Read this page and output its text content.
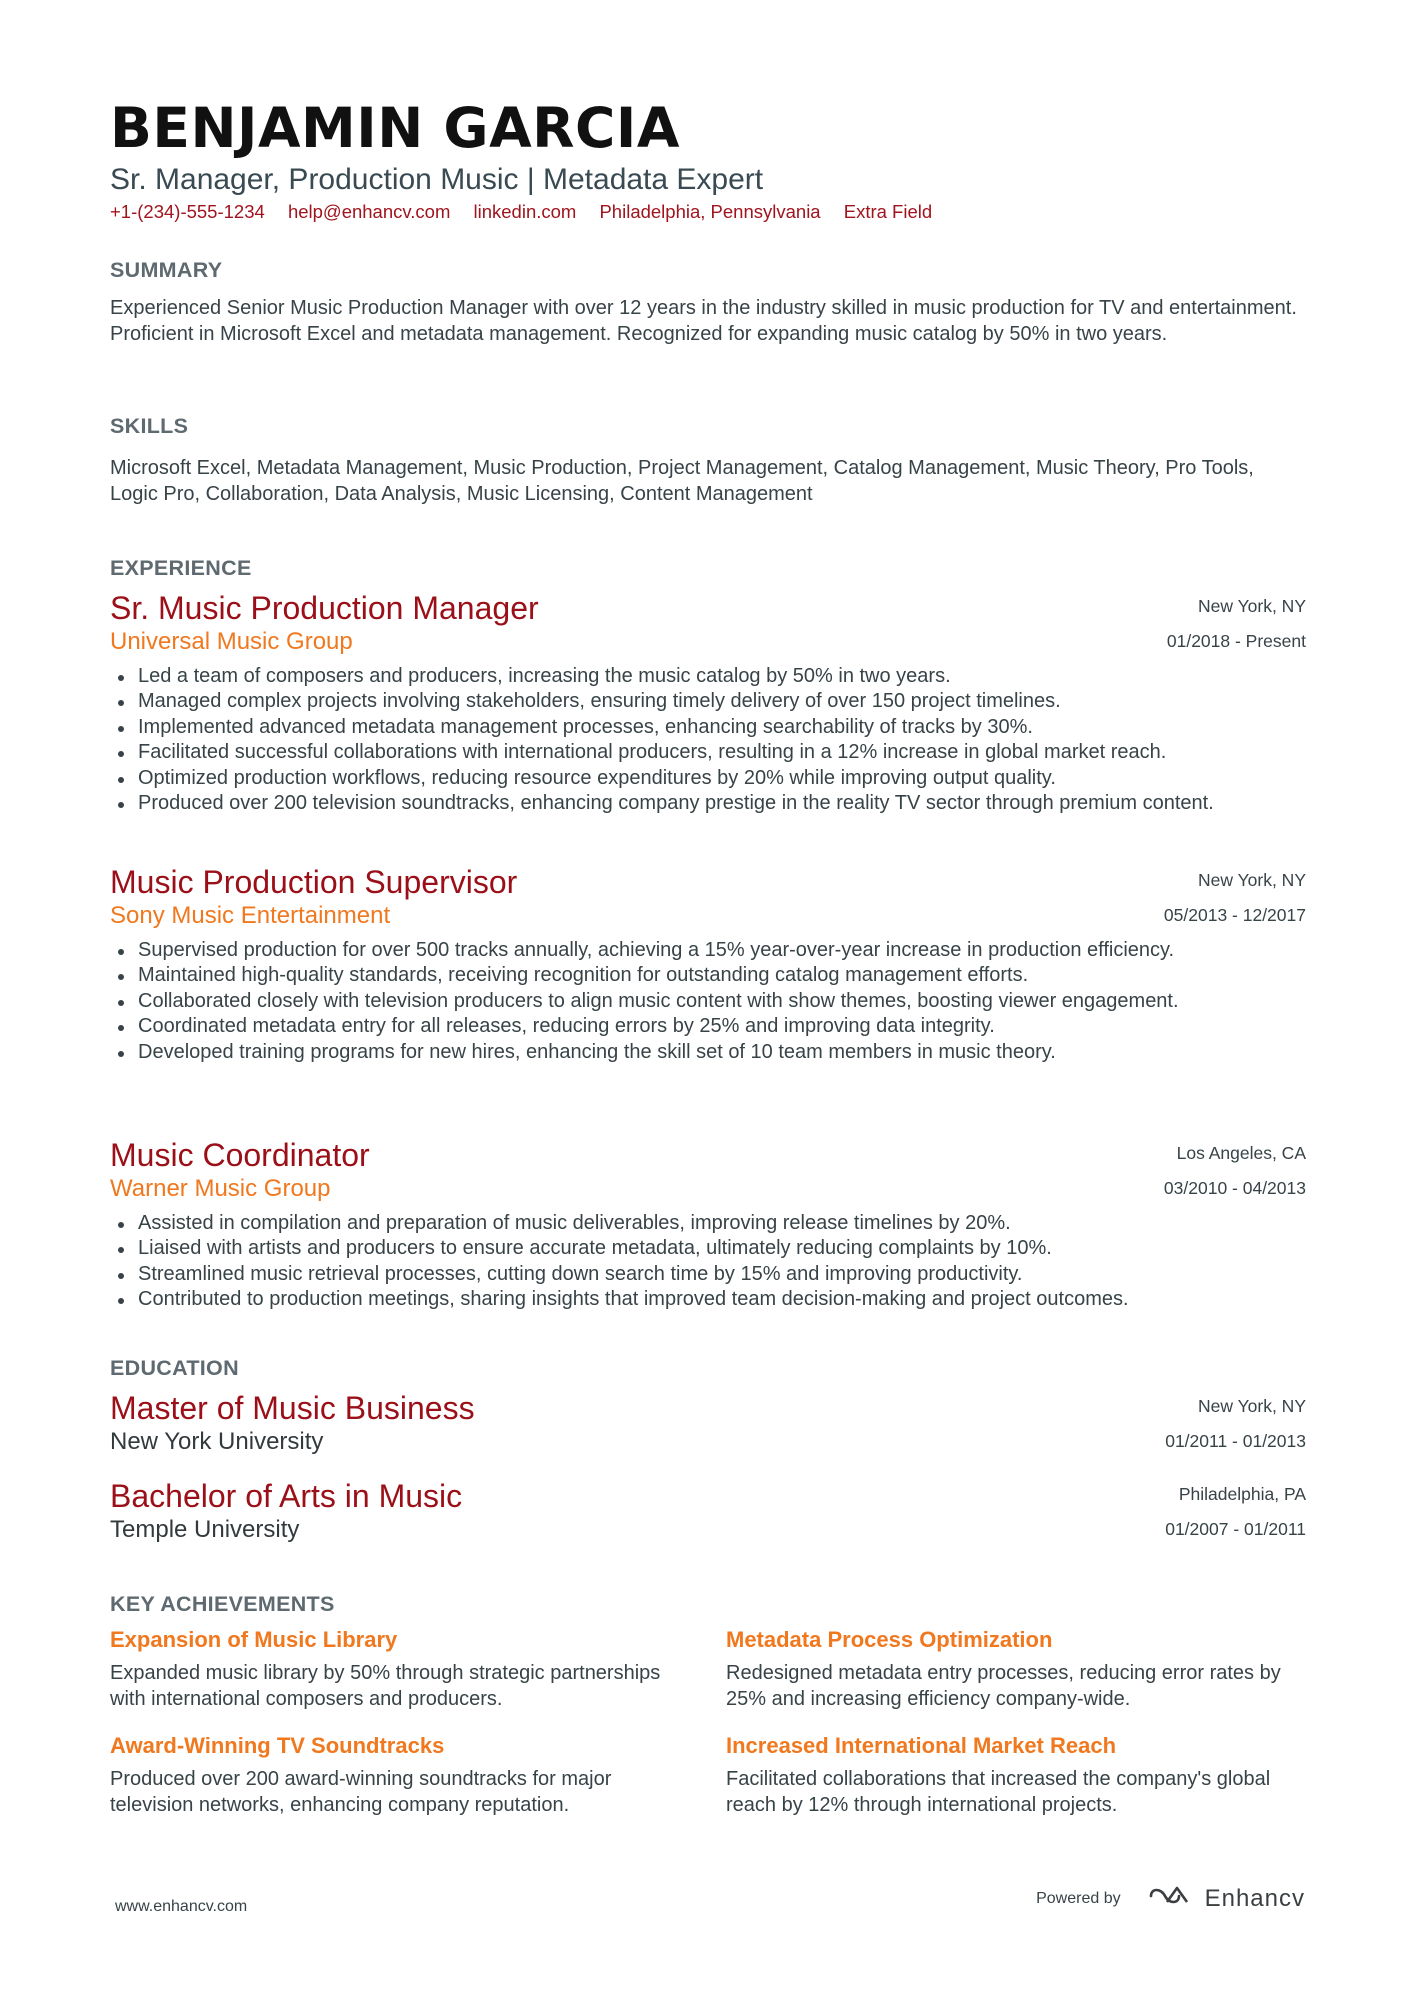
BENJAMIN GARCIA
Sr. Manager, Production Music | Metadata Expert
+1-(234)-555-1234 help@enhancv.com linkedin.com Philadelphia, Pennsylvania Extra Field
SUMMARY
Experienced Senior Music Production Manager with over 12 years in the industry skilled in music production for TV and entertainment. Proficient in Microsoft Excel and metadata management. Recognized for expanding music catalog by 50% in two years.
SKILLS
Microsoft Excel, Metadata Management, Music Production, Project Management, Catalog Management, Music Theory, Pro Tools, Logic Pro, Collaboration, Data Analysis, Music Licensing, Content Management
EXPERIENCE
Sr. Music Production Manager
Universal Music Group
New York, NY
01/2018 - Present
Led a team of composers and producers, increasing the music catalog by 50% in two years.
Managed complex projects involving stakeholders, ensuring timely delivery of over 150 project timelines.
Implemented advanced metadata management processes, enhancing searchability of tracks by 30%.
Facilitated successful collaborations with international producers, resulting in a 12% increase in global market reach.
Optimized production workflows, reducing resource expenditures by 20% while improving output quality.
Produced over 200 television soundtracks, enhancing company prestige in the reality TV sector through premium content.
Music Production Supervisor
Sony Music Entertainment
New York, NY
05/2013 - 12/2017
Supervised production for over 500 tracks annually, achieving a 15% year-over-year increase in production efficiency.
Maintained high-quality standards, receiving recognition for outstanding catalog management efforts.
Collaborated closely with television producers to align music content with show themes, boosting viewer engagement.
Coordinated metadata entry for all releases, reducing errors by 25% and improving data integrity.
Developed training programs for new hires, enhancing the skill set of 10 team members in music theory.
Music Coordinator
Warner Music Group
Los Angeles, CA
03/2010 - 04/2013
Assisted in compilation and preparation of music deliverables, improving release timelines by 20%.
Liaised with artists and producers to ensure accurate metadata, ultimately reducing complaints by 10%.
Streamlined music retrieval processes, cutting down search time by 15% and improving productivity.
Contributed to production meetings, sharing insights that improved team decision-making and project outcomes.
EDUCATION
Master of Music Business
New York University
New York, NY
01/2011 - 01/2013
Bachelor of Arts in Music
Temple University
Philadelphia, PA
01/2007 - 01/2011
KEY ACHIEVEMENTS
Expansion of Music Library
Expanded music library by 50% through strategic partnerships with international composers and producers.
Metadata Process Optimization
Redesigned metadata entry processes, reducing error rates by 25% and increasing efficiency company-wide.
Award-Winning TV Soundtracks
Produced over 200 award-winning soundtracks for major television networks, enhancing company reputation.
Increased International Market Reach
Facilitated collaborations that increased the company's global reach by 12% through international projects.
www.enhancv.com	Powered by	Enhancv
